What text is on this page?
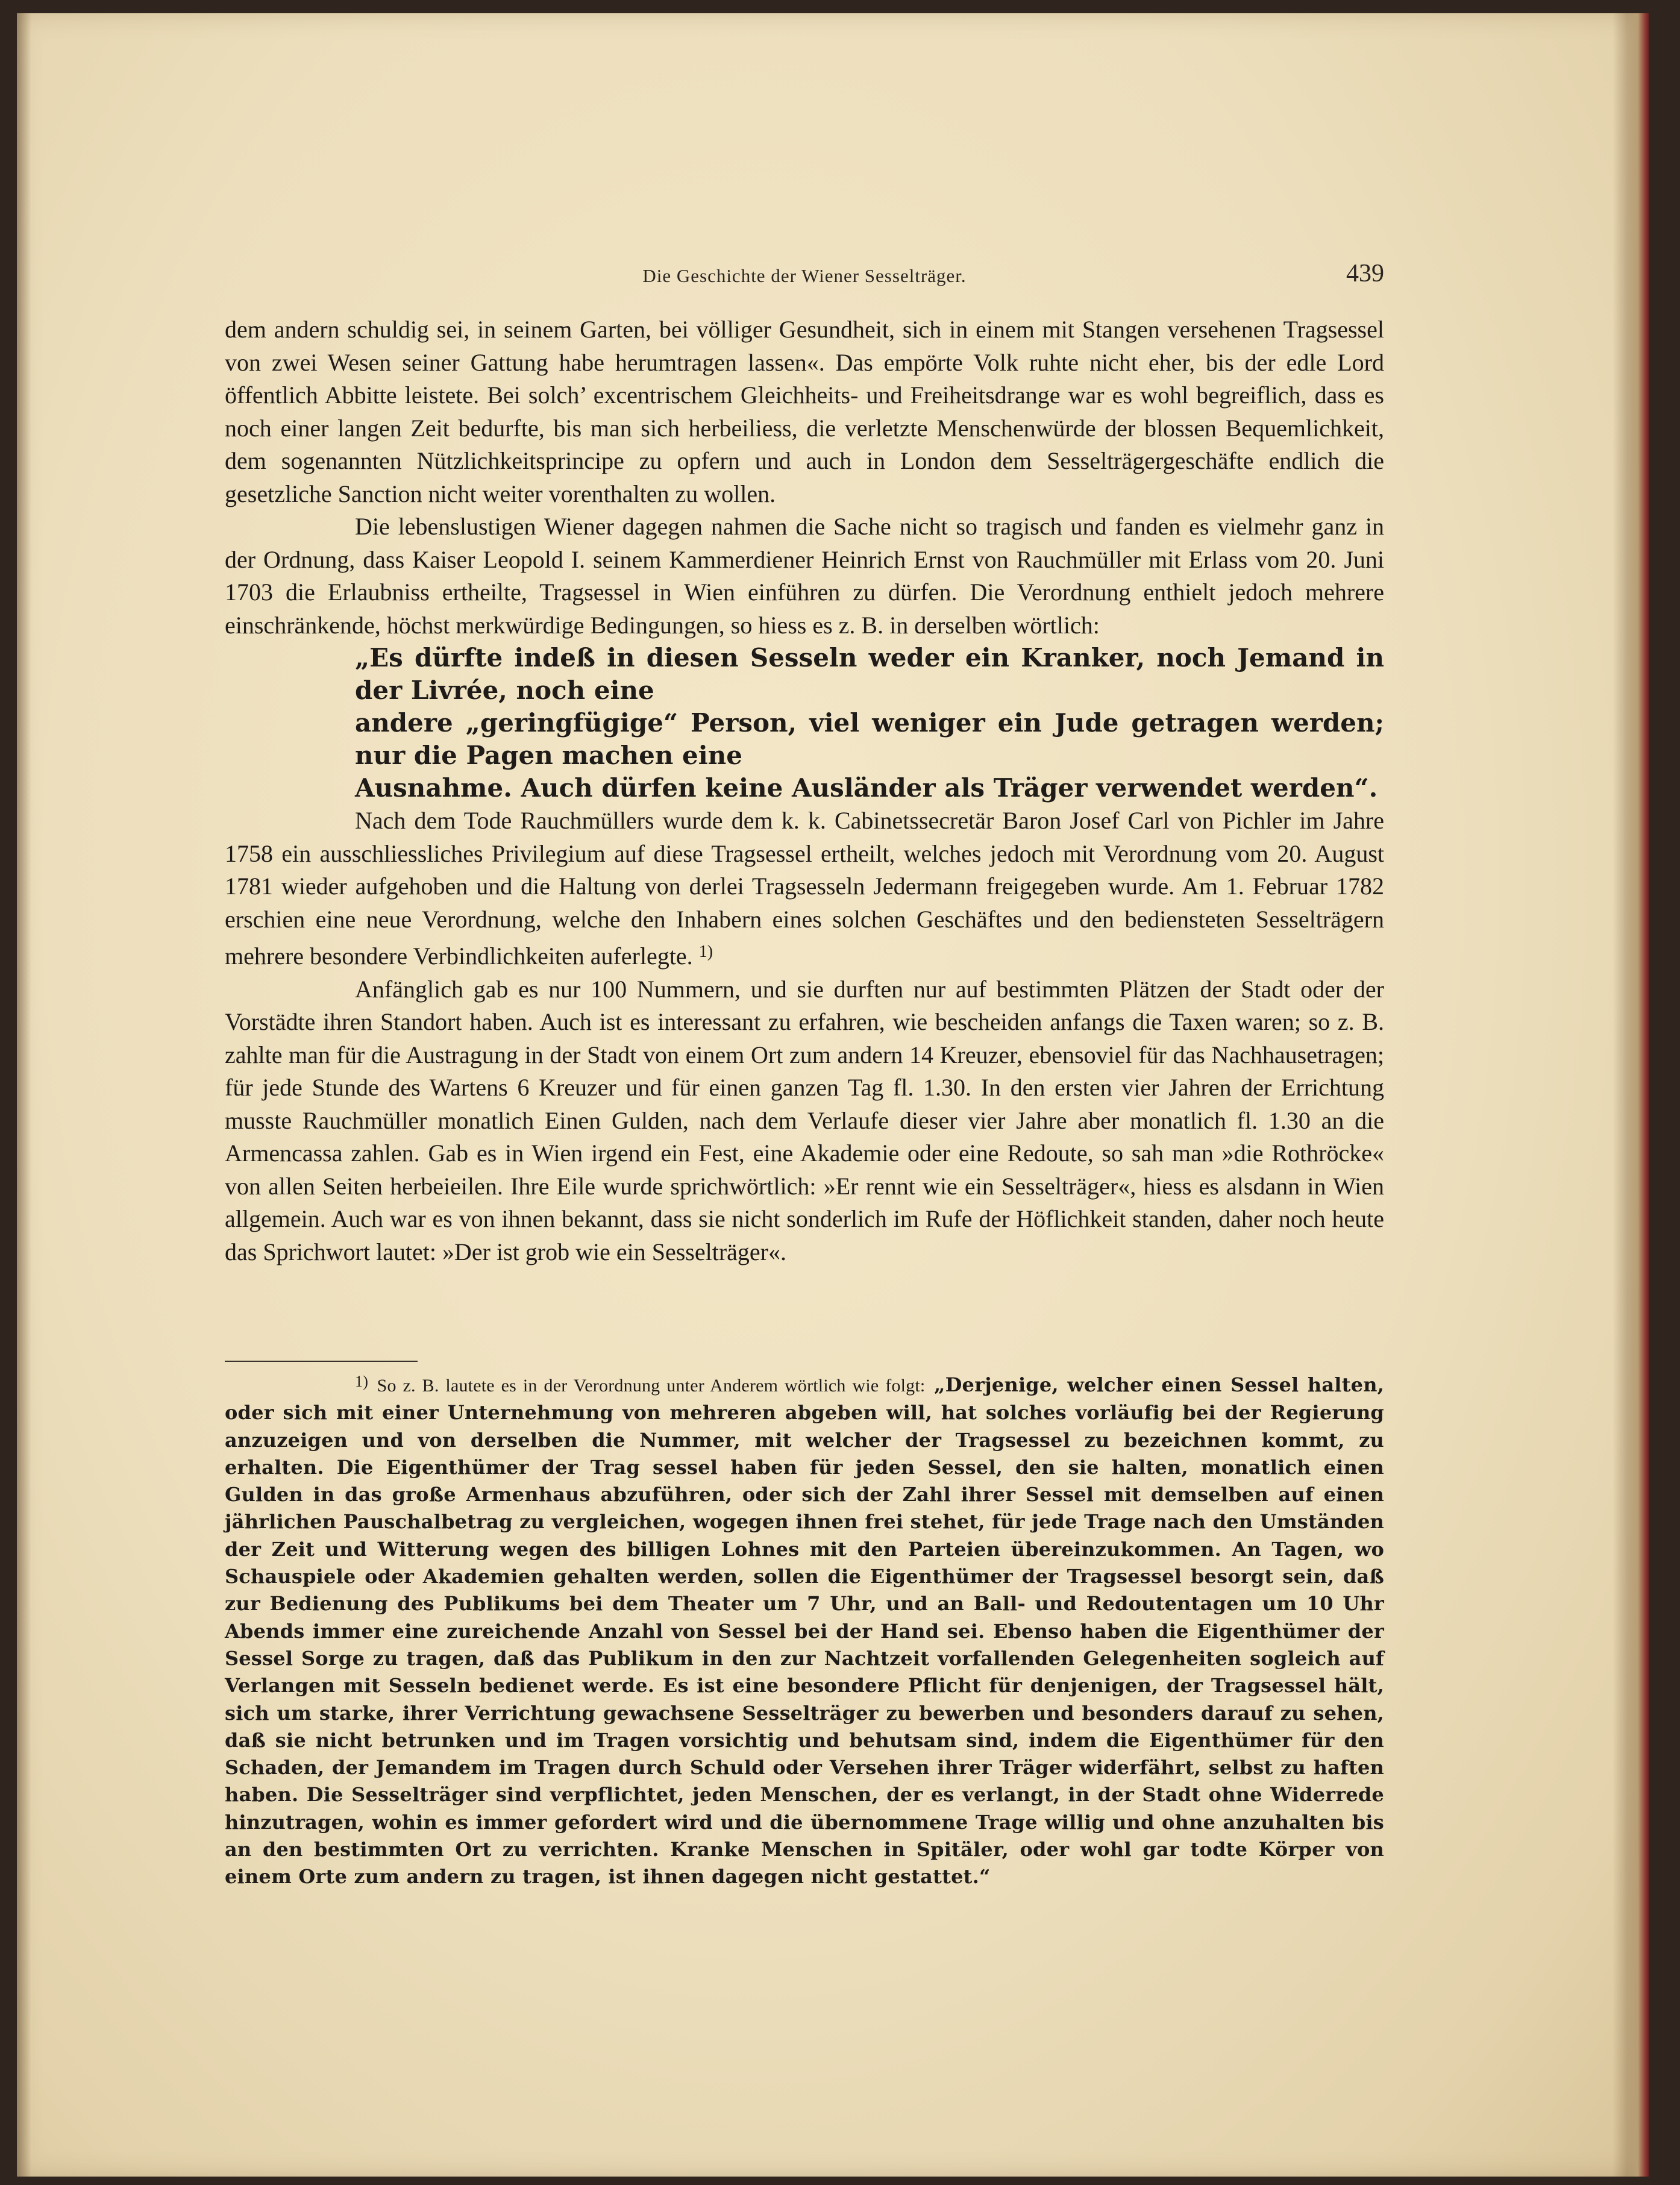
Die Geschichte der Wiener Sesselträger.	439

dem andern schuldig sei, in seinem Garten, bei völliger Gesundheit, sich in einem mit Stangen versehenen Tragsessel von zwei Wesen seiner Gattung habe herumtragen lassen«. Das empörte Volk ruhte nicht eher, bis der edle Lord öffentlich Abbitte leistete. Bei solch’ excentrischem Gleichheits- und Freiheitsdrange war es wohl begreiflich, dass es noch einer langen Zeit bedurfte, bis man sich herbeiliess, die verletzte Menschenwürde der blossen Bequemlichkeit, dem sogenannten Nützlichkeitsprincipe zu opfern und auch in London dem Sesselträgergeschäfte endlich die gesetzliche Sanction nicht weiter vorenthalten zu wollen.

Die lebenslustigen Wiener dagegen nahmen die Sache nicht so tragisch und fanden es vielmehr ganz in der Ordnung, dass Kaiser Leopold I. seinem Kammerdiener Heinrich Ernst von Rauchmüller mit Erlass vom 20. Juni 1703 die Erlaubniss ertheilte, Tragsessel in Wien einführen zu dürfen. Die Verordnung enthielt jedoch mehrere einschränkende, höchst merkwürdige Bedingungen, so hiess es z. B. in derselben wörtlich:

„Es dürfte indeß in diesen Sesseln weder ein Kranker, noch Jemand in der Livrée, noch eine
andere „geringfügige“ Person, viel weniger ein Jude getragen werden; nur die Pagen machen eine
Ausnahme. Auch dürfen keine Ausländer als Träger verwendet werden“.

Nach dem Tode Rauchmüllers wurde dem k. k. Cabinetssecretär Baron Josef Carl von Pichler im Jahre 1758 ein ausschliessliches Privilegium auf diese Tragsessel ertheilt, welches jedoch mit Verordnung vom 20. August 1781 wieder aufgehoben und die Haltung von derlei Tragsesseln Jedermann freigegeben wurde. Am 1. Februar 1782 erschien eine neue Verordnung, welche den Inhabern eines solchen Geschäftes und den bediensteten Sesselträgern mehrere besondere Verbindlichkeiten auferlegte. $^{1)}$

Anfänglich gab es nur 100 Nummern, und sie durften nur auf bestimmten Plätzen der Stadt oder der Vorstädte ihren Standort haben. Auch ist es interessant zu erfahren, wie bescheiden anfangs die Taxen waren; so z. B. zahlte man für die Austragung in der Stadt von einem Ort zum andern 14 Kreuzer, ebensoviel für das Nachhausetragen; für jede Stunde des Wartens 6 Kreuzer und für einen ganzen Tag fl. 1.30. In den ersten vier Jahren der Errichtung musste Rauchmüller monatlich Einen Gulden, nach dem Verlaufe dieser vier Jahre aber monatlich fl. 1.30 an die Armencassa zahlen. Gab es in Wien irgend ein Fest, eine Akademie oder eine Redoute, so sah man »die Rothröcke« von allen Seiten herbeieilen. Ihre Eile wurde sprichwörtlich: »Er rennt wie ein Sesselträger«, hiess es alsdann in Wien allgemein. Auch war es von ihnen bekannt, dass sie nicht sonderlich im Rufe der Höflichkeit standen, daher noch heute das Sprichwort lautet: »Der ist grob wie ein Sesselträger«.

$^{1)}$ So z. B. lautete es in der Verordnung unter Anderem wörtlich wie folgt: „Derjenige, welcher einen Sessel halten, oder sich mit einer Unternehmung von mehreren abgeben will, hat solches vorläufig bei der Regierung anzuzeigen und von derselben die Nummer, mit welcher der Tragsessel zu bezeichnen kommt, zu erhalten. Die Eigenthümer der Trag sessel haben für jeden Sessel, den sie halten, monatlich einen Gulden in das große Armenhaus abzuführen, oder sich der Zahl ihrer Sessel mit demselben auf einen jährlichen Pauschalbetrag zu vergleichen, wogegen ihnen frei stehet, für jede Trage nach den Umständen der Zeit und Witterung wegen des billigen Lohnes mit den Parteien übereinzukommen. An Tagen, wo Schauspiele oder Akademien gehalten werden, sollen die Eigenthümer der Tragsessel besorgt sein, daß zur Bedienung des Publikums bei dem Theater um 7 Uhr, und an Ball- und Redoutentagen um 10 Uhr Abends immer eine zureichende Anzahl von Sessel bei der Hand sei. Ebenso haben die Eigenthümer der Sessel Sorge zu tragen, daß das Publikum in den zur Nachtzeit vorfallenden Gelegenheiten sogleich auf Verlangen mit Sesseln bedienet werde. Es ist eine besondere Pflicht für denjenigen, der Tragsessel hält, sich um starke, ihrer Verrichtung gewachsene Sesselträger zu bewerben und besonders darauf zu sehen, daß sie nicht betrunken und im Tragen vorsichtig und behutsam sind, indem die Eigenthümer für den Schaden, der Jemandem im Tragen durch Schuld oder Versehen ihrer Träger widerfährt, selbst zu haften haben. Die Sesselträger sind verpflichtet, jeden Menschen, der es verlangt, in der Stadt ohne Widerrede hinzutragen, wohin es immer gefordert wird und die übernommene Trage willig und ohne anzuhalten bis an den bestimmten Ort zu verrichten. Kranke Menschen in Spitäler, oder wohl gar todte Körper von einem Orte zum andern zu tragen, ist ihnen dagegen nicht gestattet.“
